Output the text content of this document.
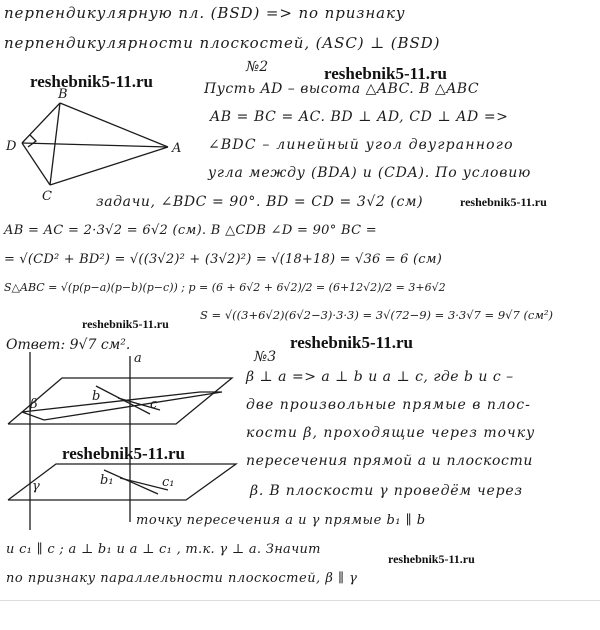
перпендикулярную пл. (BSD) => по признаку
перпендикулярности плоскостей, (ASC) ⊥ (BSD)
№2
Пусть AD – высота △ABC. В △ABC
AB = BC = AC. BD ⊥ AD, CD ⊥ AD =>
∠BDC – линейный угол двугранного
угла между (BDA) и (CDA). По условию
задачи, ∠BDC = 90°. BD = CD = 3√2 (см)
AB = AC = 2·3√2 = 6√2 (см). В △CDB ∠D = 90° BC =
= √(CD² + BD²) = √((3√2)² + (3√2)²) = √(18+18) = √36 = 6 (см)
S△ABC = √(p(p−a)(p−b)(p−c)) ; p = (6 + 6√2 + 6√2)/2 = (6+12√2)/2 = 3+6√2
S = √((3+6√2)(6√2−3)·3·3) = 3√(72−9) = 3·3√7 = 9√7 (см²)
Ответ: 9√7 см².
№3
β ⊥ a => a ⊥ b и a ⊥ c, где b и c –
две произвольные прямые в плос-
кости β, проходящие через точку
пересечения прямой a и плоскости
β. В плоскости γ проведём через
точку пересечения a и γ прямые b₁ ∥ b
и c₁ ∥ c ; a ⊥ b₁ и a ⊥ c₁ , т.к. γ ⊥ a. Значит
по признаку параллельности плоскостей, β ∥ γ
reshebnik5-11.ru	reshebnik5-11.ru
reshebnik5-11.ru
reshebnik5-11.ru
reshebnik5-11.ru
reshebnik5-11.ru
reshebnik5-11.ru
B
D
C
A
a
β
b
c
γ	b₁	c₁
